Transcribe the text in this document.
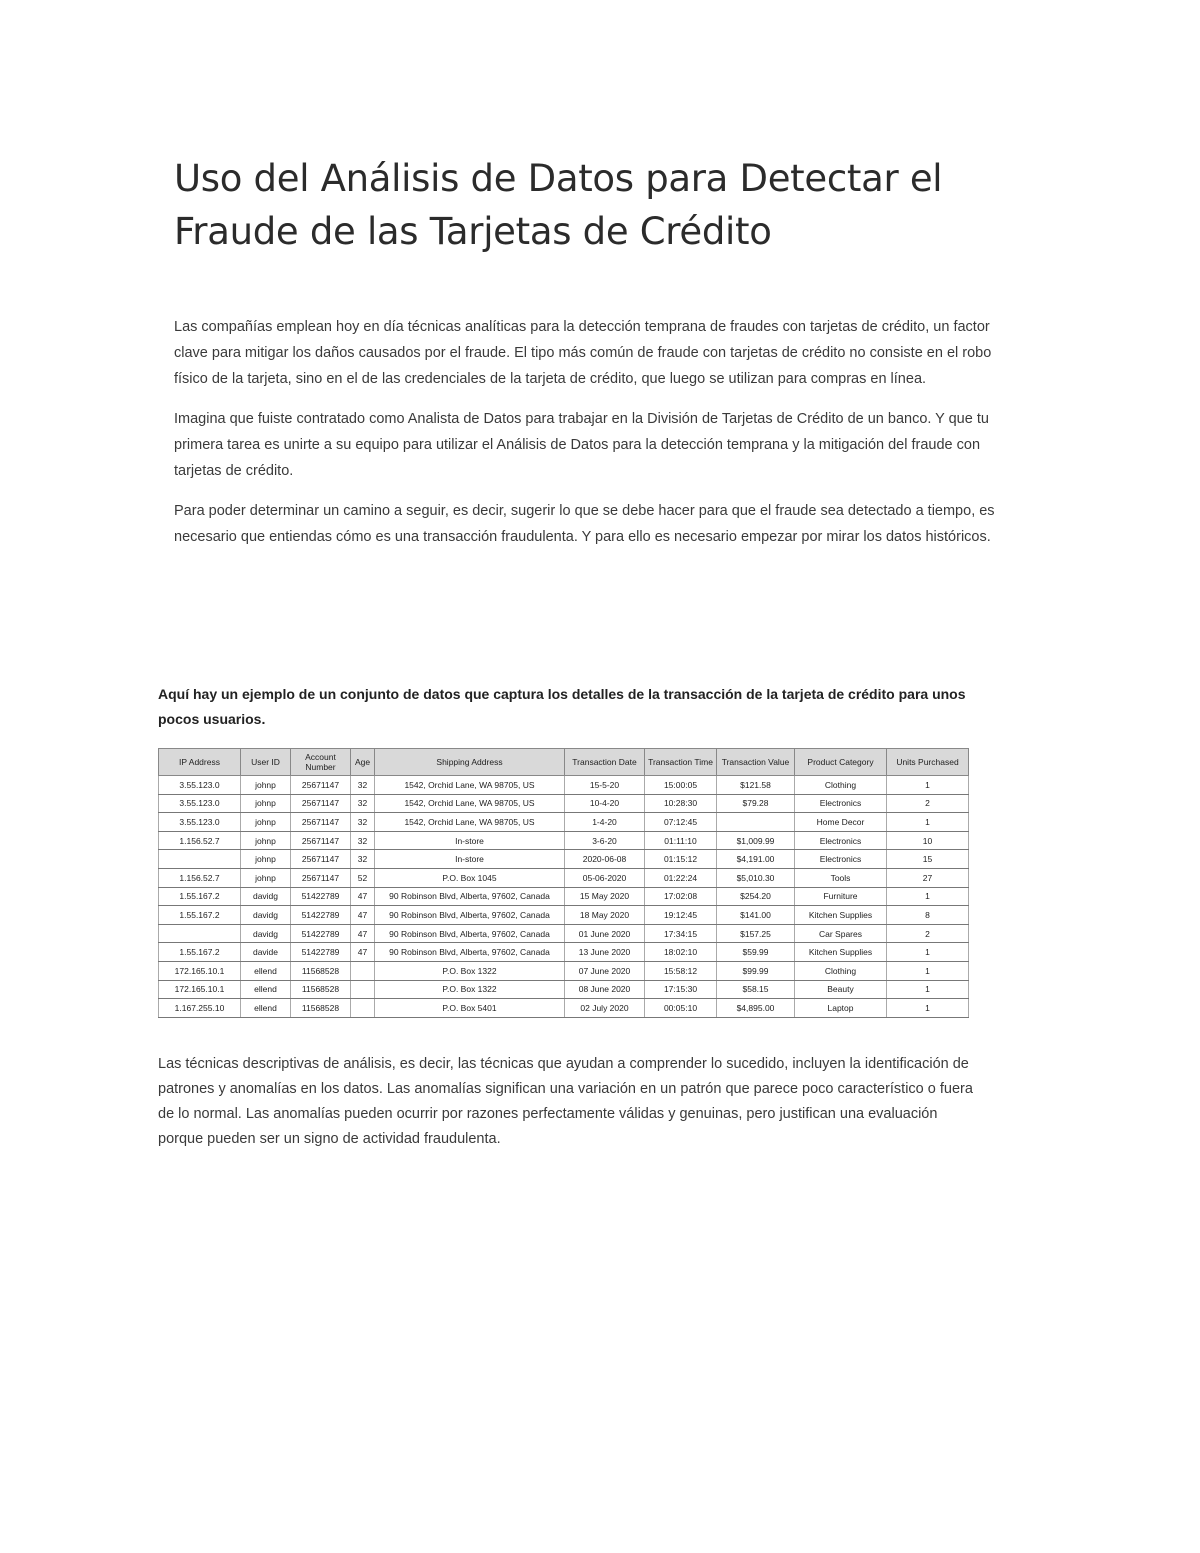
Uso del Análisis de Datos para Detectar el Fraude de las Tarjetas de Crédito

Las compañías emplean hoy en día técnicas analíticas para la detección temprana de fraudes con tarjetas de crédito, un factor clave para mitigar los daños causados por el fraude. El tipo más común de fraude con tarjetas de crédito no consiste en el robo físico de la tarjeta, sino en el de las credenciales de la tarjeta de crédito, que luego se utilizan para compras en línea.

Imagina que fuiste contratado como Analista de Datos para trabajar en la División de Tarjetas de Crédito de un banco. Y que tu primera tarea es unirte a su equipo para utilizar el Análisis de Datos para la detección temprana y la mitigación del fraude con tarjetas de crédito.

Para poder determinar un camino a seguir, es decir, sugerir lo que se debe hacer para que el fraude sea detectado a tiempo, es necesario que entiendas cómo es una transacción fraudulenta. Y para ello es necesario empezar por mirar los datos históricos.

Aquí hay un ejemplo de un conjunto de datos que captura los detalles de la transacción de la tarjeta de crédito para unos pocos usuarios.

IP Address	User ID	Account Number	Age	Shipping Address	Transaction Date	Transaction Time	Transaction Value	Product Category	Units Purchased
3.55.123.0	johnp	25671147	32	1542, Orchid Lane, WA 98705, US	15-5-20	15:00:05	$121.58	Clothing	1
3.55.123.0	johnp	25671147	32	1542, Orchid Lane, WA 98705, US	10-4-20	10:28:30	$79.28	Electronics	2
3.55.123.0	johnp	25671147	32	1542, Orchid Lane, WA 98705, US	1-4-20	07:12:45		Home Decor	1
1.156.52.7	johnp	25671147	32	In-store	3-6-20	01:11:10	$1,009.99	Electronics	10
	johnp	25671147	32	In-store	2020-06-08	01:15:12	$4,191.00	Electronics	15
1.156.52.7	johnp	25671147	52	P.O. Box 1045	05-06-2020	01:22:24	$5,010.30	Tools	27
1.55.167.2	davidg	51422789	47	90 Robinson Blvd, Alberta, 97602, Canada	15 May 2020	17:02:08	$254.20	Furniture	1
1.55.167.2	davidg	51422789	47	90 Robinson Blvd, Alberta, 97602, Canada	18 May 2020	19:12:45	$141.00	Kitchen Supplies	8
	davidg	51422789	47	90 Robinson Blvd, Alberta, 97602, Canada	01 June 2020	17:34:15	$157.25	Car Spares	2
1.55.167.2	davide	51422789	47	90 Robinson Blvd, Alberta, 97602, Canada	13 June 2020	18:02:10	$59.99	Kitchen Supplies	1
172.165.10.1	ellend	11568528		P.O. Box 1322	07 June 2020	15:58:12	$99.99	Clothing	1
172.165.10.1	ellend	11568528		P.O. Box 1322	08 June 2020	17:15:30	$58.15	Beauty	1
1.167.255.10	ellend	11568528		P.O. Box 5401	02 July 2020	00:05:10	$4,895.00	Laptop	1

Las técnicas descriptivas de análisis, es decir, las técnicas que ayudan a comprender lo sucedido, incluyen la identificación de patrones y anomalías en los datos. Las anomalías significan una variación en un patrón que parece poco característico o fuera de lo normal. Las anomalías pueden ocurrir por razones perfectamente válidas y genuinas, pero justifican una evaluación porque pueden ser un signo de actividad fraudulenta.
